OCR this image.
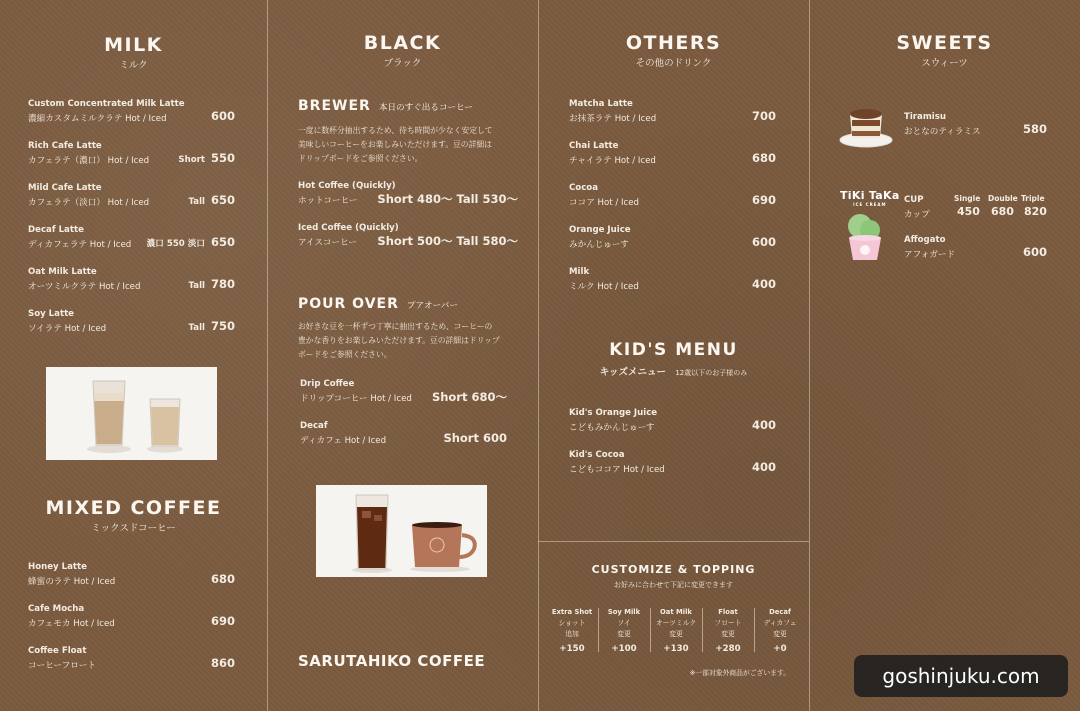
MILK
ミルク
Custom Concentrated Milk Latte
濃縮カスタムミルクラテ Hot / Iced	600
Rich Cafe Latte
カフェラテ（濃口） Hot / Iced	Short 550
Mild Cafe Latte
カフェラテ（淡口） Hot / Iced	Tall 650
Decaf Latte
ディカフェラテ Hot / Iced 濃口 550 淡口 650
Oat Milk Latte
オーツミルクラテ Hot / Iced	Tall 780
Soy Latte
ソイラテ Hot / Iced	Tall 750
MIXED COFFEE
ミックスドコーヒー
Honey Latte
蜂蜜のラテ Hot / Iced	680
Cafe Mocha
カフェモカ Hot / Iced	690
Coffee Float
コーヒーフロート	860
BLACK
ブラック
BREWER 本日のすぐ出るコーヒー
一度に数杯分抽出するため、待ち時間が少なく安定して
美味しいコーヒーをお楽しみいただけます。豆の詳細は
ドリップボードをご参照ください。
Hot Coffee (Quickly)
ホットコーヒー	Short 480～ Tall 530～
Iced Coffee (Quickly)
アイスコーヒー	Short 500～ Tall 580～
POUR OVER プアオーバー
お好きな豆を一杯ずつ丁寧に抽出するため、コーヒーの
豊かな香りをお楽しみいただけます。豆の詳細はドリップ
ボードをご参照ください。
Drip Coffee
ドリップコーヒー Hot / Iced Short 680～
Decaf
ディカフェ Hot / Iced	Short 600
SARUTAHIKO COFFEE
OTHERS
その他のドリンク
Matcha Latte
お抹茶ラテ Hot / Iced	700
Chai Latte
チャイラテ Hot / Iced	680
Cocoa
ココア Hot / Iced	690
Orange Juice
みかんじゅーす	600
Milk
ミルク Hot / Iced	400
KID'S MENU
キッズメニュー 12歳以下のお子様のみ
Kid's Orange Juice
こどもみかんじゅーす	400
Kid's Cocoa
こどもココア Hot / Iced	400
CUSTOMIZE & TOPPING
お好みに合わせて下記に変更できます
Extra Shot
ショット
追加
+150
Soy Milk
ソイ
変更
+100
Oat Milk
オーツミルク
変更
+130
Float
フロート
変更
+280
Decaf
ディカフェ
変更
+0
※一部対象外商品がございます。
SWEETS
スウィーツ
Tiramisu
おとなのティラミス	580
TiKi TaKa
ICE CREAM	CUP
カップ
Single
450
Double
680
Triple
820
Affogato
アフォガード	600
goshinjuku.com
